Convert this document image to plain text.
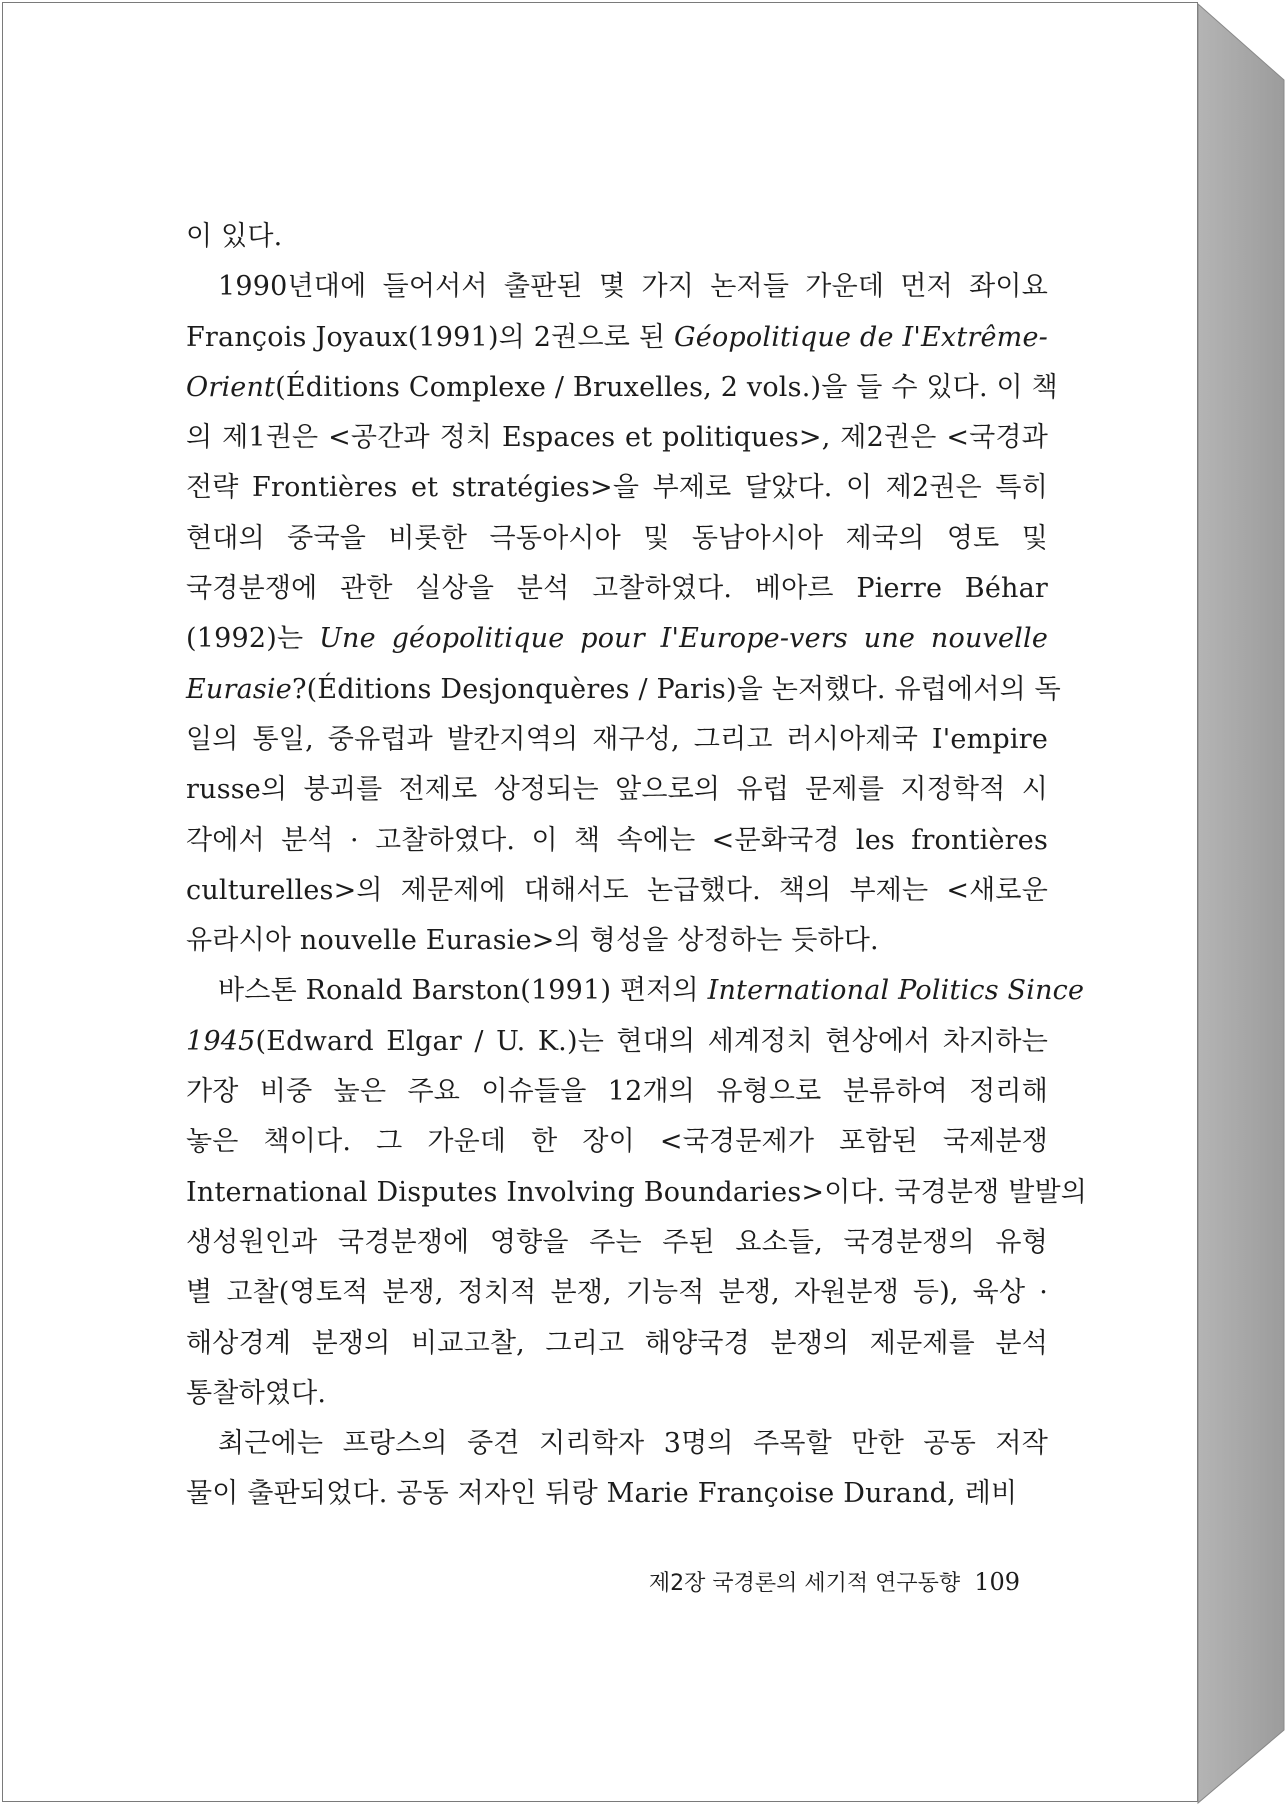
이 있다.
1990년대에 들어서서 출판된 몇 가지 논저들 가운데 먼저 좌이요
François Joyaux(1991)의 2권으로 된 Géopolitique de I'Extrême-
Orient(Éditions Complexe / Bruxelles, 2 vols.)을 들 수 있다. 이 책
의 제1권은 <공간과 정치 Espaces et politiques>, 제2권은 <국경과
전략 Frontières et stratégies>을 부제로 달았다. 이 제2권은 특히
현대의 중국을 비롯한 극동아시아 및 동남아시아 제국의 영토 및
국경분쟁에 관한 실상을 분석 고찰하였다. 베아르 Pierre Béhar
(1992)는 Une géopolitique pour I'Europe-vers une nouvelle
Eurasie?(Éditions Desjonquères / Paris)을 논저했다. 유럽에서의 독
일의 통일, 중유럽과 발칸지역의 재구성, 그리고 러시아제국 I'empire
russe의 붕괴를 전제로 상정되는 앞으로의 유럽 문제를 지정학적 시
각에서 분석 · 고찰하였다. 이 책 속에는 <문화국경 les frontières
culturelles>의 제문제에 대해서도 논급했다. 책의 부제는 <새로운
유라시아 nouvelle Eurasie>의 형성을 상정하는 듯하다.
바스톤 Ronald Barston(1991) 편저의 International Politics Since
1945(Edward Elgar / U. K.)는 현대의 세계정치 현상에서 차지하는
가장 비중 높은 주요 이슈들을 12개의 유형으로 분류하여 정리해
놓은 책이다. 그 가운데 한 장이 <국경문제가 포함된 국제분쟁
International Disputes Involving Boundaries>이다. 국경분쟁 발발의
생성원인과 국경분쟁에 영향을 주는 주된 요소들, 국경분쟁의 유형
별 고찰(영토적 분쟁, 정치적 분쟁, 기능적 분쟁, 자원분쟁 등), 육상 ·
해상경계 분쟁의 비교고찰, 그리고 해양국경 분쟁의 제문제를 분석
통찰하였다.
최근에는 프랑스의 중견 지리학자 3명의 주목할 만한 공동 저작
물이 출판되었다. 공동 저자인 뒤랑 Marie Françoise Durand, 레비
제2장 국경론의 세기적 연구동향 109
